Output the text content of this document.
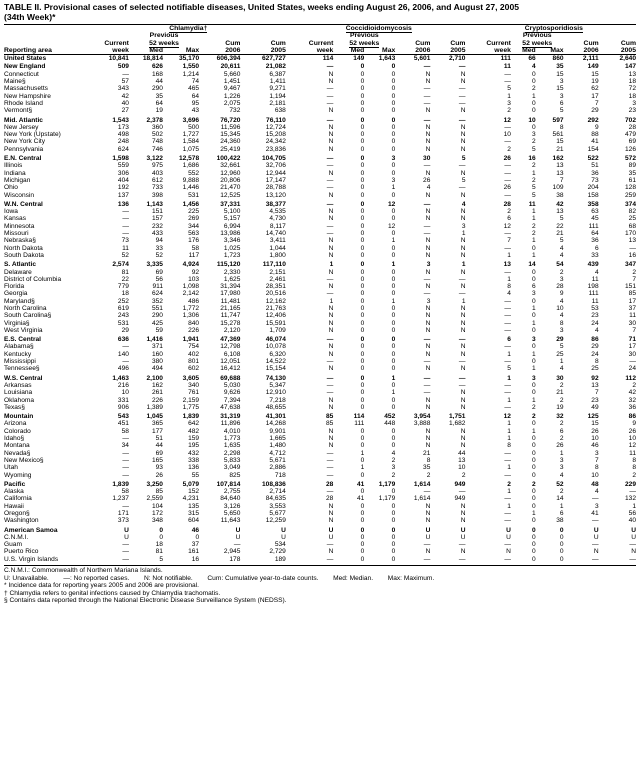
TABLE II. Provisional cases of selected notifiable diseases, United States, weeks ending August 26, 2006, and August 27, 2005
(34th Week)*
	Chlamydia†						Coccidioidomycosis						Cryptosporidiosis				
		Previous						Previous						Previous			
	Current	52 weeks		Cum	Cum		Current	52 weeks		Cum	Cum		Current	52 weeks		Cum	Cum
Reporting area	week	Med	Max	2006	2005		week	Med	Max	2006	2005		week	Med	Max	2006	2005
United States	10,841	18,814	35,170	606,394	627,727		114	149	1,643	5,601	2,710		111	66	860	2,111	2,640
New England	509	626	1,550	20,611	21,082		—	0	0	—	—		11	4	35	149	147
Connecticut	—	168	1,214	5,660	6,387		N	0	0	N	N		—	0	15	15	13
Maine§	57	44	74	1,451	1,411		N	0	0	N	N		—	0	3	19	18
Massachusetts	343	290	465	9,467	9,271		—	0	0	—	—		5	2	15	62	72
New Hampshire	42	35	64	1,226	1,194		—	0	0	—	—		1	1	3	17	18
Rhode Island	40	64	95	2,075	2,181		—	0	0	—	—		3	0	6	7	3
Vermont§	27	19	43	732	638		N	0	0	N	N		2	0	5	29	23
Mid. Atlantic	1,543	2,378	3,696	76,720	76,110		—	0	0	—	—		12	10	597	292	702
New Jersey	173	360	500	11,596	12,724		N	0	0	N	N		—	0	8	9	28
New York (Upstate)	498	502	1,727	15,345	15,208		N	0	0	N	N		10	3	561	88	479
New York City	248	748	1,584	24,360	24,342		N	0	0	N	N		—	2	15	41	69
Pennsylvania	624	746	1,075	25,419	23,836		N	0	0	N	N		2	5	21	154	126
E.N. Central	1,598	3,122	12,578	100,422	104,705		—	0	3	30	5		26	16	162	522	572
Illinois	559	975	1,686	32,661	32,706		—	0	0	—	—		—	2	13	51	89
Indiana	306	403	552	12,960	12,944		N	0	0	N	N		—	1	13	36	35
Michigan	404	612	9,888	20,806	17,147		—	0	3	26	5		—	2	7	73	61
Ohio	192	733	1,446	21,470	28,788		—	0	1	4	—		26	5	109	204	128
Wisconsin	137	398	531	12,525	13,120		N	0	0	N	N		—	5	38	158	259
W.N. Central	136	1,143	1,456	37,331	38,377		—	0	12	—	4		28	11	42	358	374
Iowa	—	151	225	5,100	4,535		N	0	0	N	N		2	1	13	63	82
Kansas	—	157	269	5,157	4,730		N	0	0	N	N		6	1	5	45	25
Minnesota	—	232	344	6,994	8,117		—	0	12	—	3		12	2	22	111	68
Missouri	—	433	563	13,986	14,740		—	0	0	—	1		—	2	21	64	170
Nebraska§	73	94	176	3,346	3,411		N	0	1	N	N		7	1	5	36	13
North Dakota	11	33	58	1,025	1,044		N	0	0	N	N		—	0	4	6	—
South Dakota	52	52	117	1,723	1,800		N	0	0	N	N		1	1	4	33	16
S. Atlantic	2,574	3,335	4,924	115,120	117,110		1	0	1	3	1		13	14	54	439	347
Delaware	81	69	92	2,330	2,151		N	0	0	N	N		—	0	2	4	2
District of Columbia	22	56	103	1,625	2,461		—	0	0	—	—		1	0	3	11	7
Florida	779	911	1,098	31,394	28,351		N	0	0	N	N		8	6	28	198	151
Georgia	18	624	2,142	17,980	20,516		—	0	0	—	—		4	3	9	111	85
Maryland§	252	352	486	11,481	12,162		1	0	1	3	1		—	0	4	11	17
North Carolina	619	551	1,772	21,165	21,763		N	0	0	N	N		—	1	10	53	37
South Carolina§	243	290	1,306	11,747	12,406		N	0	0	N	N		—	0	4	23	11
Virginia§	531	425	840	15,278	15,591		N	0	0	N	N		—	1	8	24	30
West Virginia	29	59	226	2,120	1,709		N	0	0	N	N		—	0	3	4	7
E.S. Central	636	1,416	1,941	47,369	46,074		—	0	0	—	—		6	3	29	86	71
Alabama§	—	371	754	12,798	10,078		N	0	0	N	N		—	0	5	29	17
Kentucky	140	160	402	6,108	6,320		N	0	0	N	N		1	1	25	24	30
Mississippi	—	380	801	12,051	14,522		—	0	0	—	—		—	0	1	8	—
Tennessee§	496	494	602	16,412	15,154		N	0	0	N	N		5	1	4	25	24
W.S. Central	1,463	2,100	3,605	69,688	74,130		—	0	1	—	—		1	3	30	92	112
Arkansas	216	162	340	5,030	5,347		—	0	0	—	—		—	0	2	13	2
Louisiana	10	261	761	9,626	12,910		—	0	1	—	N		—	0	21	7	42
Oklahoma	331	226	2,159	7,394	7,218		N	0	0	N	N		1	1	2	23	32
Texas§	906	1,389	1,775	47,638	48,655		N	0	0	N	N		—	2	19	49	36
Mountain	543	1,045	1,839	31,319	41,301		85	114	452	3,954	1,751		12	2	32	125	86
Arizona	451	365	642	11,896	14,268		85	111	448	3,888	1,682		1	0	2	15	9
Colorado	58	177	482	4,010	9,901		N	0	0	N	N		1	1	6	26	26
Idaho§	—	51	159	1,773	1,665		N	0	0	N	N		1	0	2	10	10
Montana	34	44	195	1,635	1,480		N	0	0	N	N		8	0	26	46	12
Nevada§	—	69	432	2,298	4,712		—	1	4	21	44		—	0	1	3	11
New Mexico§	—	165	338	5,833	5,671		—	0	2	8	13		—	0	3	7	8
Utah	—	93	136	3,049	2,886		—	1	3	35	10		1	0	3	8	8
Wyoming	—	26	55	825	718		—	0	2	2	2		—	0	4	10	2
Pacific	1,839	3,250	5,079	107,814	108,836		28	41	1,179	1,614	949		2	2	52	48	229
Alaska	58	85	152	2,755	2,714		—	0	0	—	—		1	0	2	4	—
California	1,237	2,559	4,231	84,640	84,635		28	41	1,179	1,614	949		—	0	14	—	132
Hawaii	—	104	135	3,126	3,553		N	0	0	N	N		1	0	1	3	1
Oregon§	171	172	315	5,650	5,677		N	0	0	N	N		—	1	6	41	56
Washington	373	348	604	11,643	12,259		N	0	0	N	N		—	0	38	—	40
American Samoa	U	0	46	U	U		U	0	0	U	U		U	0	0	U	U
C.N.M.I.	U	0	0	U	U		U	0	0	U	U		U	0	0	U	U
Guam	—	18	37	—	534		—	0	0	—	—		—	0	0	—	—
Puerto Rico	—	81	161	2,945	2,729		N	0	0	N	N		N	0	0	N	N
U.S. Virgin Islands	—	5	16	178	189		—	0	0	—	—		—	0	0	—	—
C.N.M.I.: Commonwealth of Northern Mariana Islands.
U: Unavailable. —: No reported cases. N: Not notifiable. Cum: Cumulative year-to-date counts. Med: Median. Max: Maximum.
* Incidence data for reporting years 2005 and 2006 are provisional.
† Chlamydia refers to genital infections caused by Chlamydia trachomatis.
§ Contains data reported through the National Electronic Disease Surveillance System (NEDSS).
